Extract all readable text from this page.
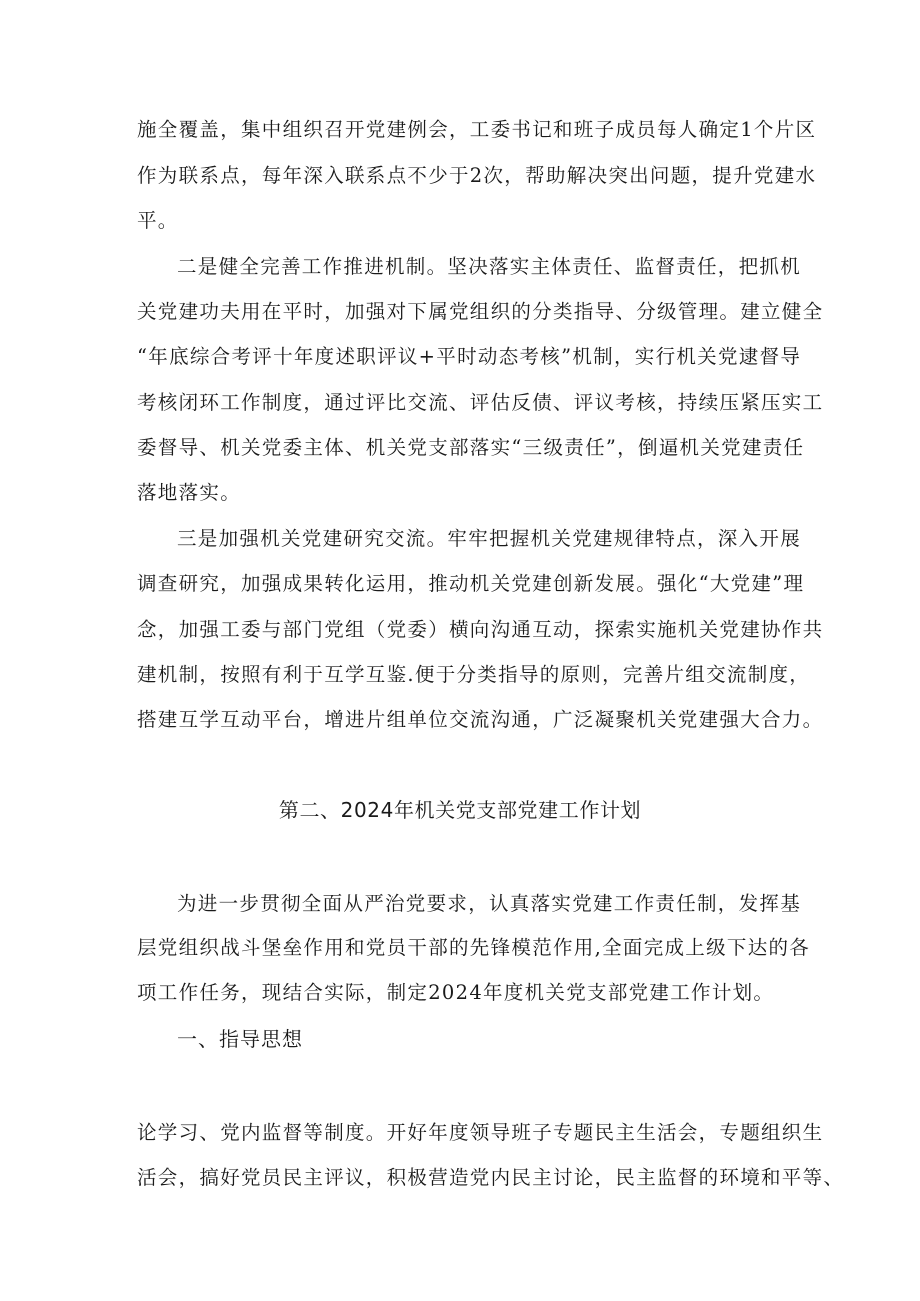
施全覆盖，集中组织召开党建例会，工委书记和班子成员每人确定1个片区
作为联系点，每年深入联系点不少于2次，帮助解决突出问题，提升党建水
平。
二是健全完善工作推进机制。坚决落实主体责任、监督责任，把抓机
关党建功夫用在平时，加强对下属党组织的分类指导、分级管理。建立健全
“年底综合考评十年度述职评议+平时动态考核”机制，实行机关党逮督导
考核闭环工作制度，通过评比交流、评估反债、评议考核，持续压紧压实工
委督导、机关党委主体、机关党支部落实“三级责任”，倒逼机关党建责任
落地落实。
三是加强机关党建研究交流。牢牢把握机关党建规律特点，深入开展
调查研究，加强成果转化运用，推动机关党建创新发展。强化“大党建”理
念，加强工委与部门党组（党委）横向沟通互动，探索实施机关党建协作共
建机制，按照有利于互学互鉴.便于分类指导的原则，完善片组交流制度，
搭建互学互动平台，增进片组单位交流沟通，广泛凝聚机关党建强大合力。
第二、2024年机关党支部党建工作计划
为进一步贯彻全面从严治党要求，认真落实党建工作责任制，发挥基
层党组织战斗堡垒作用和党员干部的先锋模范作用,全面完成上级下达的各
项工作任务，现结合实际，制定2024年度机关党支部党建工作计划。
一、指导思想
论学习、党内监督等制度。开好年度领导班子专题民主生活会，专题组织生
活会，搞好党员民主评议，积极营造党内民主讨论，民主监督的环境和平等、
